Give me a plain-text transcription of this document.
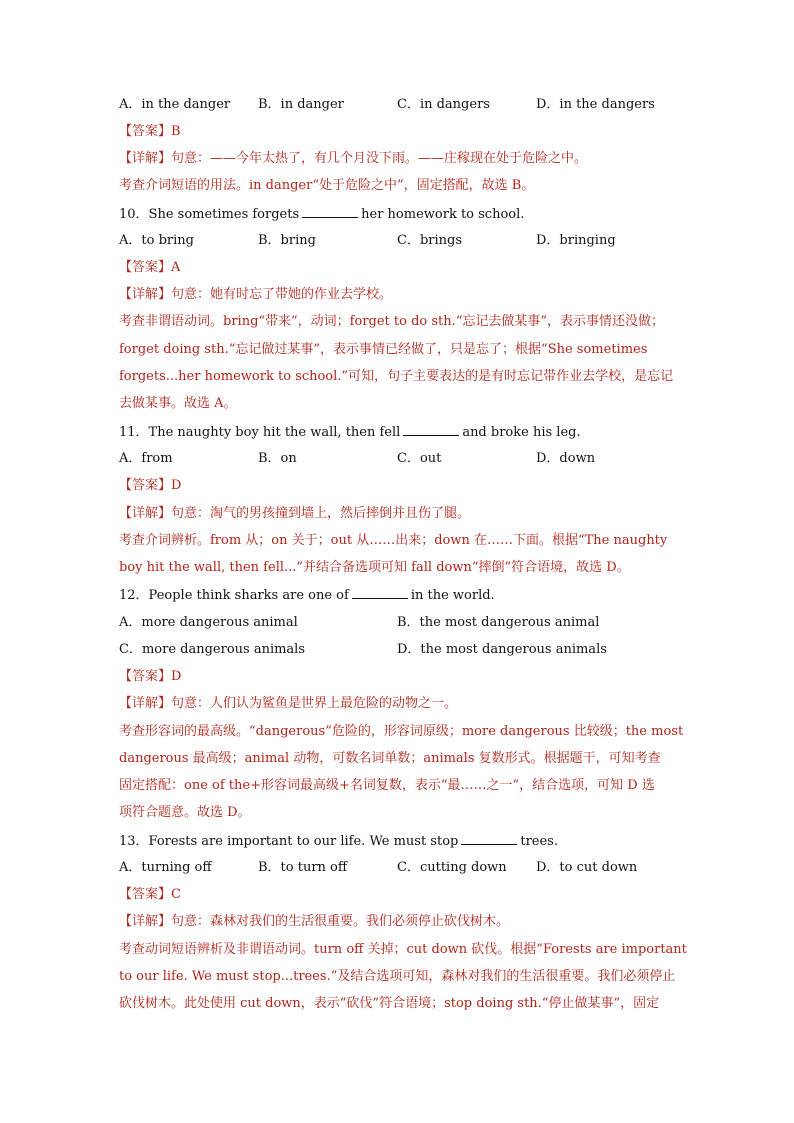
A．in the danger B．in danger	C．in dangers	D．in the dangers
【答案】B
【详解】句意：——今年太热了，有几个月没下雨。——庄稼现在处于危险之中。
考查介词短语的用法。in danger“处于危险之中”，固定搭配，故选 B。
10．She sometimes forgets	her homework to school.
A．to bring	B．bring	C．brings	D．bringing
【答案】A
【详解】句意：她有时忘了带她的作业去学校。
考查非谓语动词。bring“带来”，动词；forget to do sth.“忘记去做某事”，表示事情还没做；
forget doing sth.“忘记做过某事”，表示事情已经做了，只是忘了；根据“She sometimes
forgets...her homework to school.”可知，句子主要表达的是有时忘记带作业去学校，是忘记
去做某事。故选 A。
11．The naughty boy hit the wall, then fell	and broke his leg.
A．from	B．on	C．out	D．down
【答案】D
【详解】句意：淘气的男孩撞到墙上，然后摔倒并且伤了腿。
考查介词辨析。from 从；on 关于；out 从……出来；down 在……下面。根据“The naughty
boy hit the wall, then fell...”并结合备选项可知 fall down“摔倒”符合语境，故选 D。
12．People think sharks are one of	in the world.
A．more dangerous animal	B．the most dangerous animal
C．more dangerous animals	D．the most dangerous animals
【答案】D
【详解】句意：人们认为鲨鱼是世界上最危险的动物之一。
考查形容词的最高级。“dangerous”危险的，形容词原级；more dangerous 比较级；the most
dangerous 最高级；animal 动物，可数名词单数；animals 复数形式。根据题干，可知考查
固定搭配：one of the+形容词最高级+名词复数，表示“最……之一”，结合选项，可知 D 选
项符合题意。故选 D。
13．Forests are important to our life. We must stop	trees.
A．turning off	B．to turn off	C．cutting down D．to cut down
【答案】C
【详解】句意：森林对我们的生活很重要。我们必须停止砍伐树木。
考查动词短语辨析及非谓语动词。turn off 关掉；cut down 砍伐。根据“Forests are important
to our life. We must stop...trees.”及结合选项可知，森林对我们的生活很重要。我们必须停止
砍伐树木。此处使用 cut down，表示“砍伐”符合语境；stop doing sth.“停止做某事”，固定
